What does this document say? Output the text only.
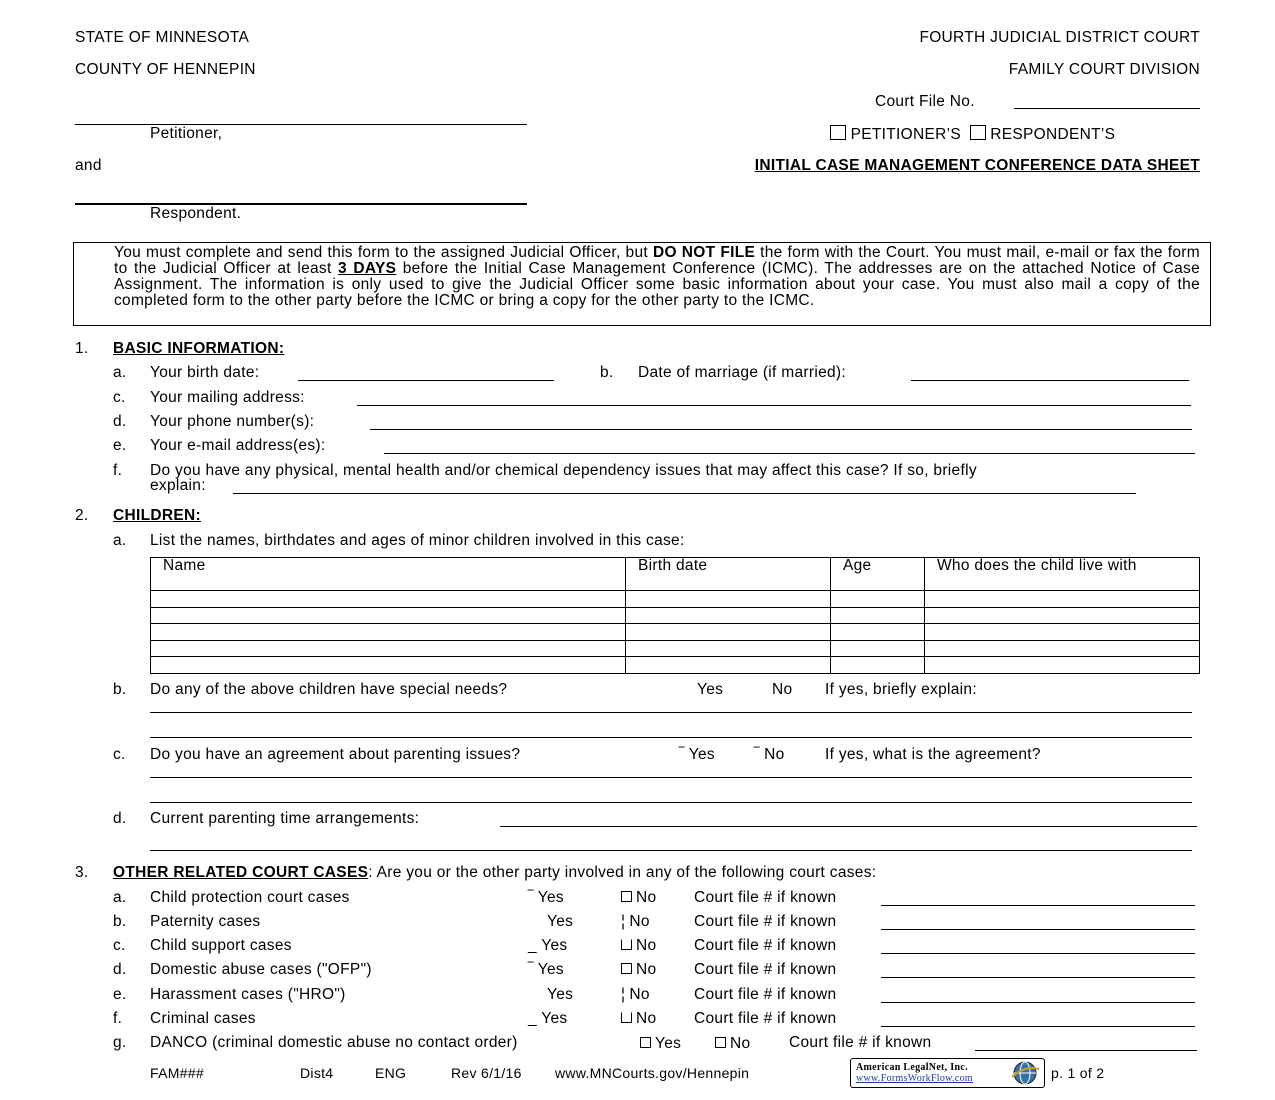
STATE OF MINNESOTA
COUNTY OF HENNEPIN
FOURTH JUDICIAL DISTRICT COURT
FAMILY COURT DIVISION
Court File No.
Petitioner,
and
Respondent.
PETITIONER’S RESPONDENT’S
INITIAL CASE MANAGEMENT CONFERENCE DATA SHEET

You must complete and send this form to the assigned Judicial Officer, but DO NOT FILE the form with the Court. You must mail, e-mail or fax the form to the Judicial Officer at least 3 DAYS before the Initial Case Management Conference (ICMC). The addresses are on the attached Notice of Case Assignment. The information is only used to give the Judicial Officer some basic information about your case. You must also mail a copy of the completed form to the other party before the ICMC or bring a copy for the other party to the ICMC.

1. BASIC INFORMATION:
a. Your birth date:	b. Date of marriage (if married):
c. Your mailing address:
d. Your phone number(s):
e. Your e-mail address(es):
f. Do you have any physical, mental health and/or chemical dependency issues that may affect this case? If so, briefly
explain:
2. CHILDREN:
a. List the names, birthdates and ages of minor children involved in this case:
Name	Birth date	Age	Who does the child live with

b. Do any of the above children have special needs?	Yes	No If yes, briefly explain:
c. Do you have an agreement about parenting issues?	‾ Yes	‾ No	If yes, what is the agreement?
d. Current parenting time arrangements:
3. OTHER RELATED COURT CASES: Are you or the other party involved in any of the following court cases:
a. Child protection court cases	‾ Yes	No Court file # if known
b. Paternity cases	Yes	¦ No	Court file # if known
c. Child support cases	_ Yes	No Court file # if known
d. Domestic abuse cases ("OFP")	‾ Yes	No Court file # if known
e. Harassment cases ("HRO")	Yes	¦ No	Court file # if known
f. Criminal cases	_ Yes	No Court file # if known
g. DANCO (criminal domestic abuse no contact order)	Yes	No Court file # if known
FAM###	Dist4	ENG	Rev 6/1/16 www.MNCourts.gov/Hennepin	American LegalNet, Inc.
www.FormsWorkFlow.com	p. 1 of 2
